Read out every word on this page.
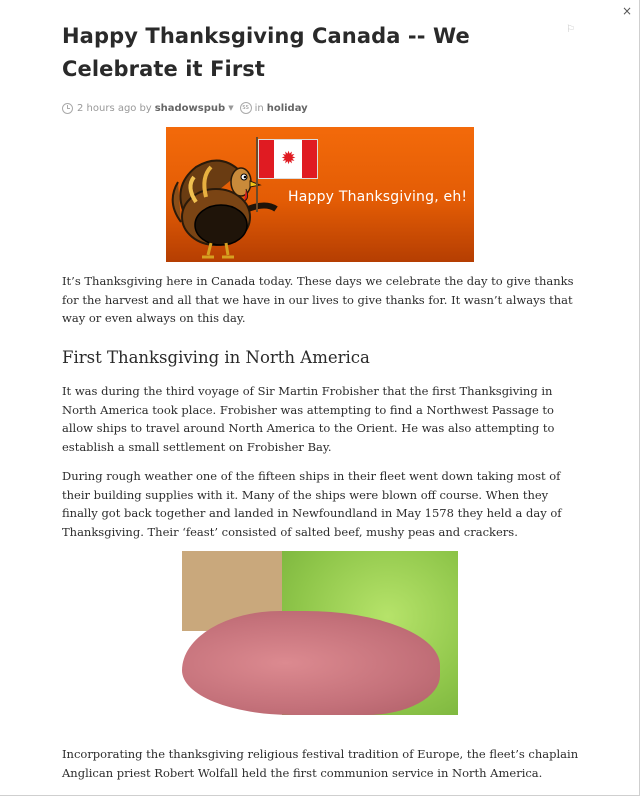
×
⚐
Happy Thanksgiving Canada -- We Celebrate it First
2 hours ago by shadowspub ▼	SS in holiday
✹
Happy Thanksgiving, eh!

It’s Thanksgiving here in Canada today. These days we celebrate the day to give thanks for the harvest and all that we have in our lives to give thanks for. It wasn’t always that way or even always on this day.

First Thanksgiving in North America

It was during the third voyage of Sir Martin Frobisher that the first Thanksgiving in North America took place. Frobisher was attempting to find a Northwest Passage to allow ships to travel around North America to the Orient. He was also attempting to establish a small settlement on Frobisher Bay.

During rough weather one of the fifteen ships in their fleet went down taking most of their building supplies with it. Many of the ships were blown off course. When they finally got back together and landed in Newfoundland in May 1578 they held a day of Thanksgiving. Their ‘feast’ consisted of salted beef, mushy peas and crackers.

Incorporating the thanksgiving religious festival tradition of Europe, the fleet’s chaplain Anglican priest Robert Wolfall held the first communion service in North America.
